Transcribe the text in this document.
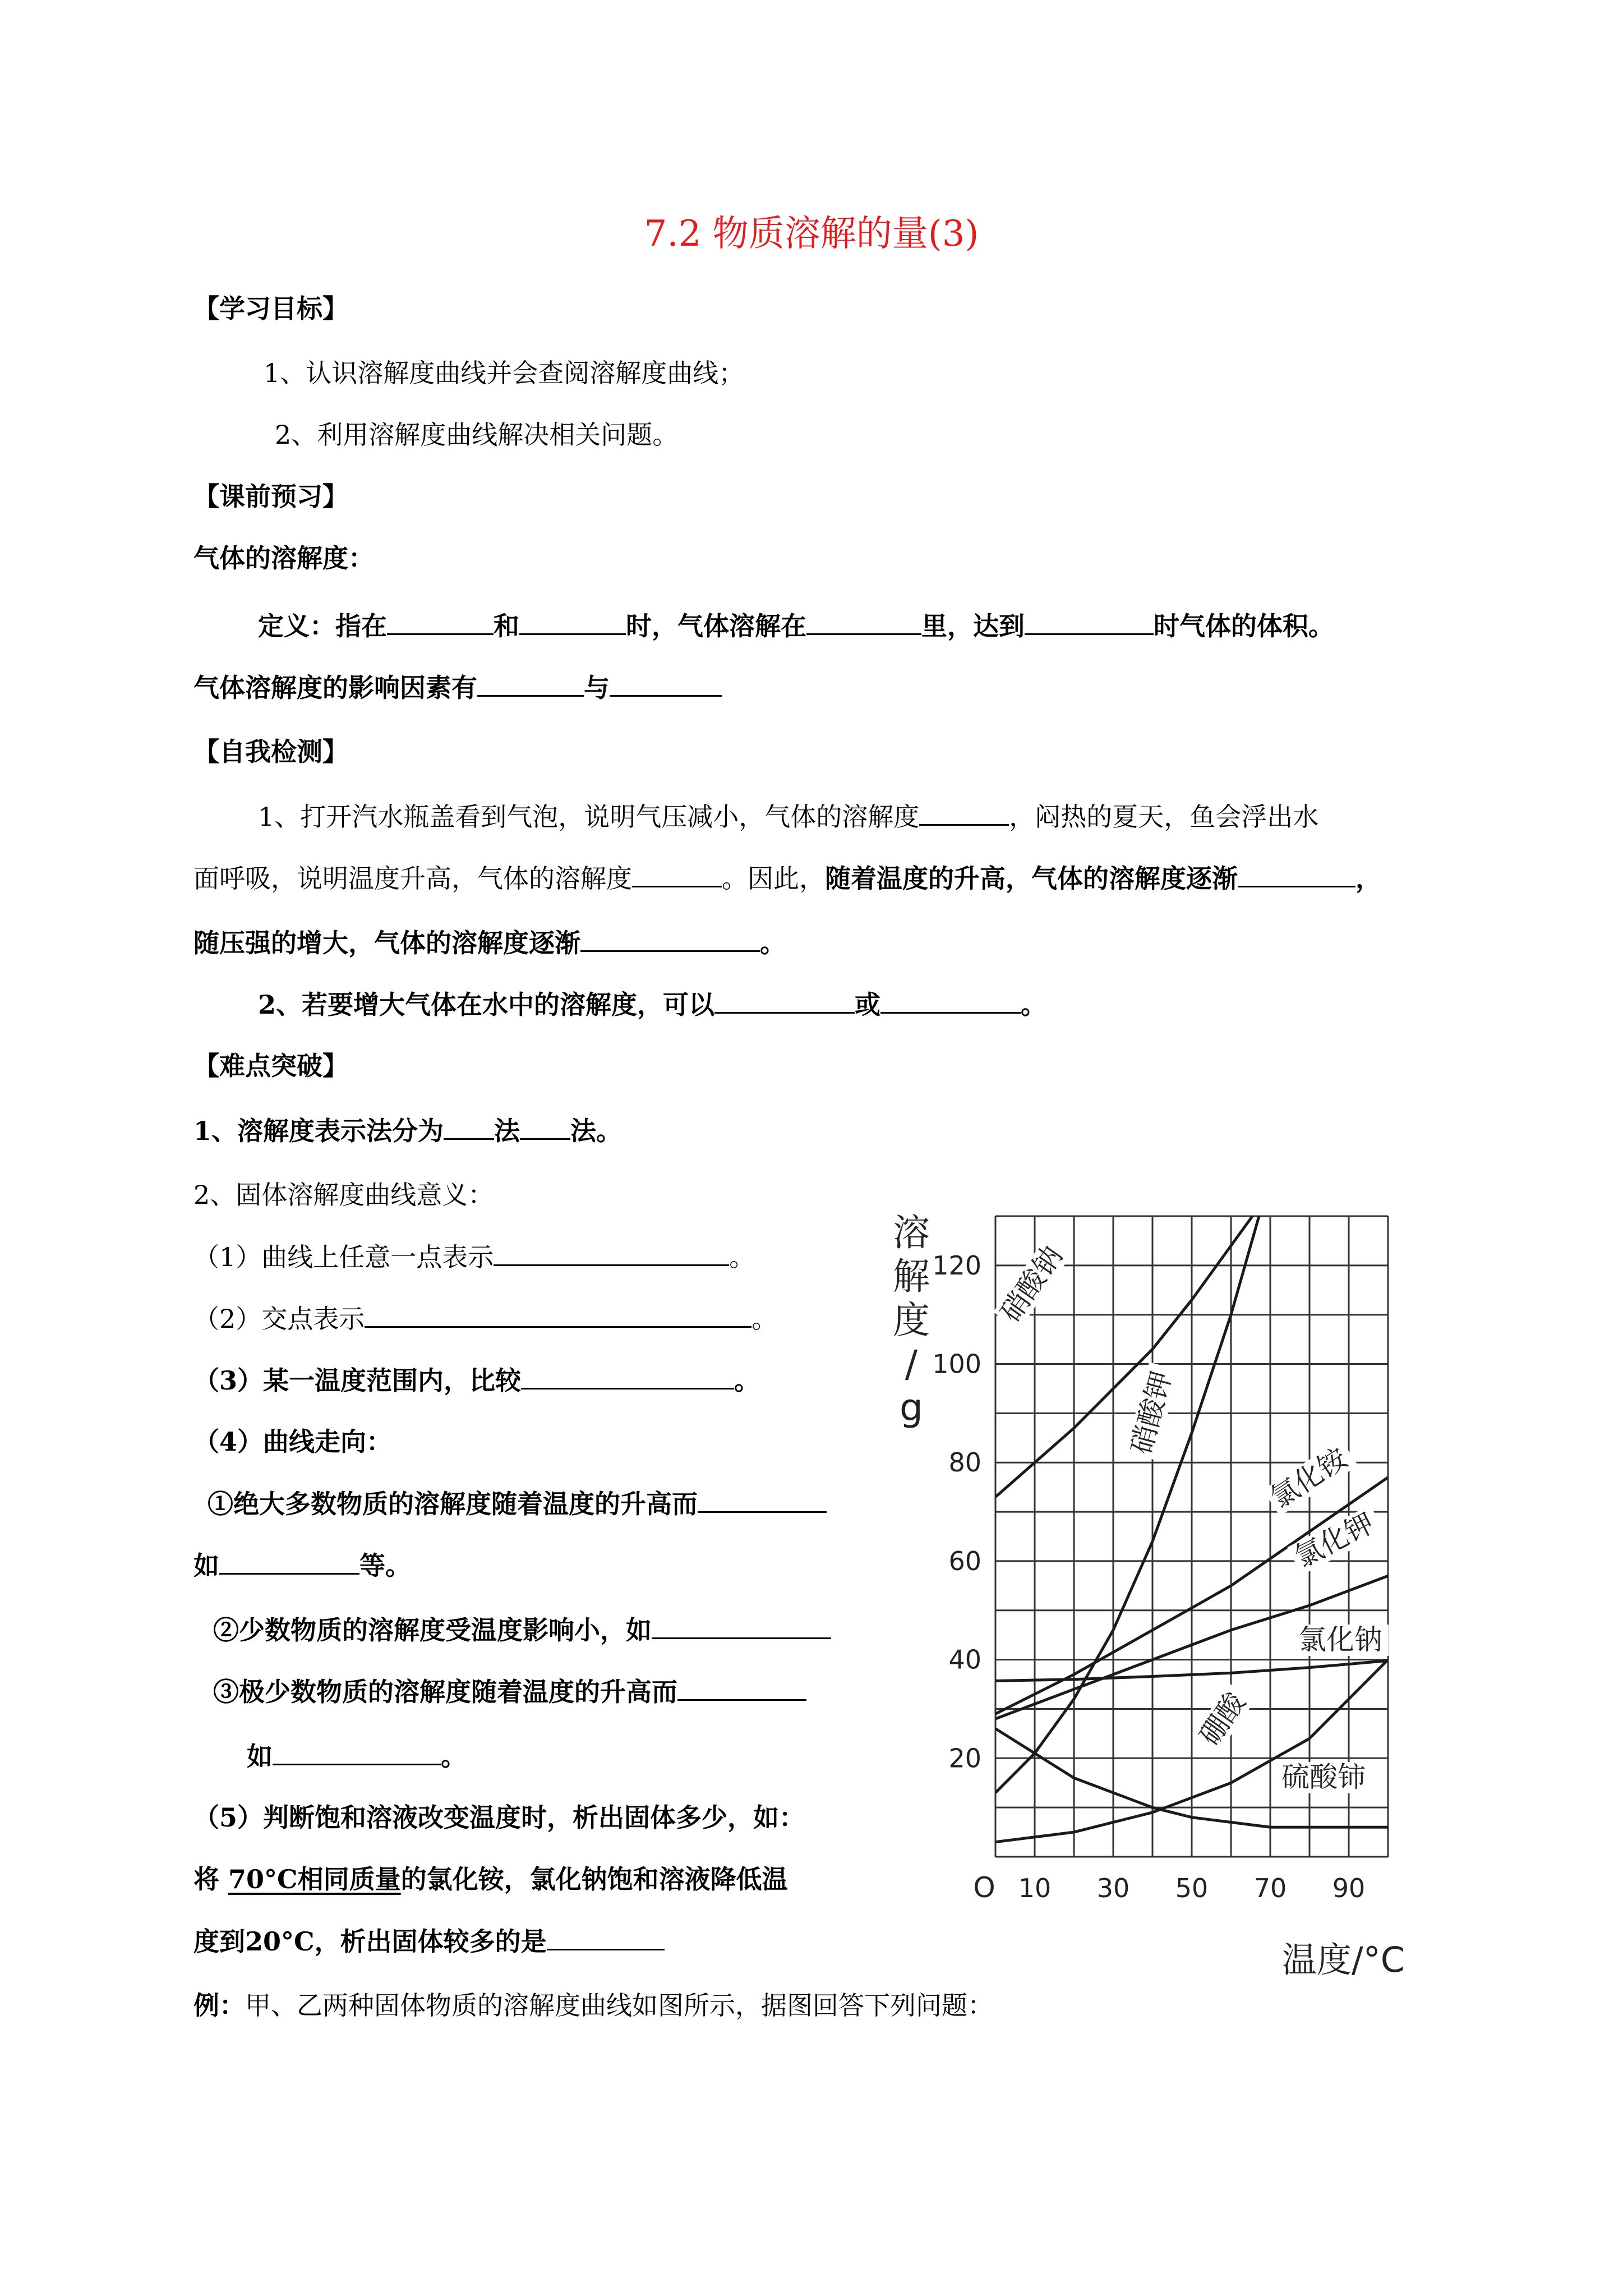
7.2 物质溶解的量(3)
【学习目标】
1、认识溶解度曲线并会查阅溶解度曲线；
2、利用溶解度曲线解决相关问题。
【课前预习】
气体的溶解度：
定义：指在	和	时，气体溶解在	里，达到	时气体的体积。
气体溶解度的影响因素有	与
【自我检测】
1、打开汽水瓶盖看到气泡，说明气压减小，气体的溶解度	，闷热的夏天，鱼会浮出水
面呼吸，说明温度升高，气体的溶解度	。因此，随着温度的升高，气体的溶解度逐渐	，
随压强的增大，气体的溶解度逐渐	。
2、若要增大气体在水中的溶解度，可以	或	。
【难点突破】
1、溶解度表示法分为 法 法。
2、固体溶解度曲线意义：
（1）曲线上任意一点表示	。
（2）交点表示	。
（3）某一温度范围内，比较	。
（4）曲线走向：
①绝大多数物质的溶解度随着温度的升高而
如	等。
②少数物质的溶解度受温度影响小，如
③极少数物质的溶解度随着温度的升高而
如	。
（5）判断饱和溶液改变温度时，析出固体多少，如：
将 70°C相同质量的氯化铵，氯化钠饱和溶液降低温
度到20°C，析出固体较多的是
例：甲、乙两种固体物质的溶解度曲线如图所示，据图回答下列问题：
20
40
60
80
100
120
10 30 50 70 90
O
溶解度/ g
温度/°C
硝酸钠
硝酸钾
氯化铵
氯化钾
氯化钠
硼酸
硫酸铈
